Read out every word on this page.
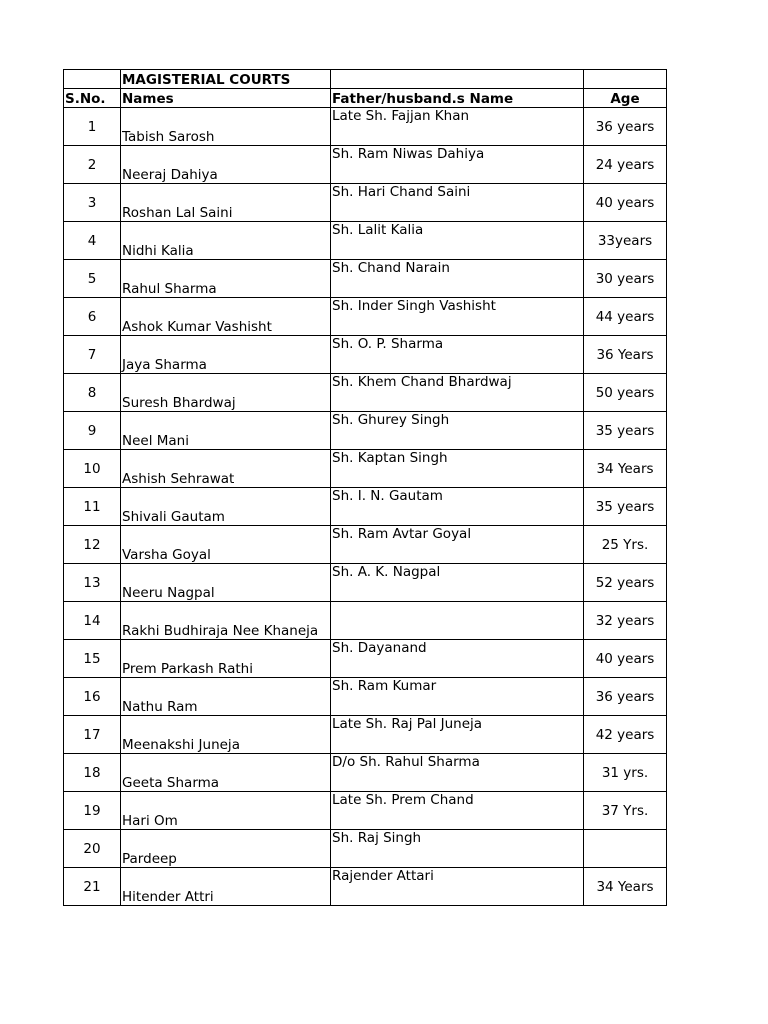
	MAGISTERIAL COURTS		
S.No.	Names	Father/husband.s Name	Age
1	Tabish Sarosh	Late Sh. Fajjan Khan	36 years
2	Neeraj Dahiya	Sh. Ram Niwas Dahiya	24 years
3	Roshan Lal Saini	Sh. Hari Chand Saini	40 years
4	Nidhi Kalia	Sh. Lalit Kalia	33years
5	Rahul Sharma	Sh. Chand Narain	30 years
6	Ashok Kumar Vashisht	Sh. Inder Singh Vashisht	44 years
7	Jaya Sharma	Sh. O. P. Sharma	36 Years
8	Suresh Bhardwaj	Sh. Khem Chand Bhardwaj	50 years
9	Neel Mani	Sh. Ghurey Singh	35 years
10	Ashish Sehrawat	Sh. Kaptan Singh	34 Years
11	Shivali Gautam	Sh. I. N. Gautam	35 years
12	Varsha Goyal	Sh. Ram Avtar Goyal	25 Yrs.
13	Neeru Nagpal	Sh. A. K. Nagpal	52 years
14	Rakhi Budhiraja Nee Khaneja		32 years
15	Prem Parkash Rathi	Sh. Dayanand	40 years
16	Nathu Ram	Sh. Ram Kumar	36 years
17	Meenakshi Juneja	Late Sh. Raj Pal Juneja	42 years
18	Geeta Sharma	D/o Sh. Rahul Sharma	31 yrs.
19	Hari Om	Late Sh. Prem Chand	37 Yrs.
20	Pardeep	Sh. Raj Singh	
21	Hitender Attri	Rajender Attari	34 Years
